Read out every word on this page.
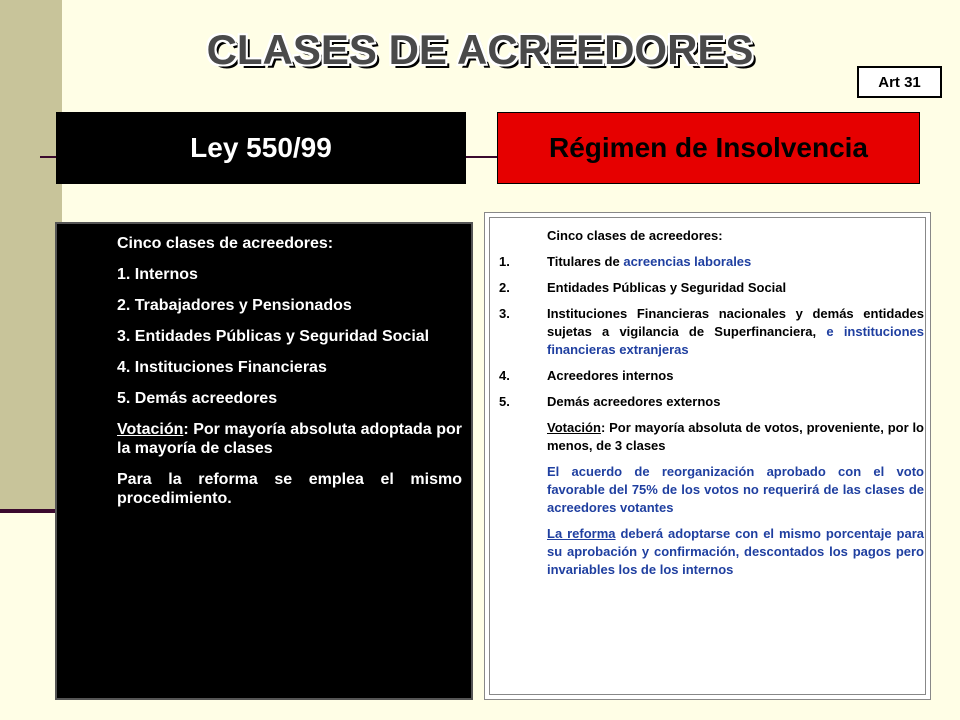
CLASES DE ACREEDORES
Art 31
Ley 550/99	Régimen de Insolvencia

Cinco clases de acreedores:

1. Internos

2. Trabajadores y Pensionados

3. Entidades Públicas y Seguridad Social

4. Instituciones Financieras

5. Demás acreedores

Votación: Por mayoría absoluta adoptada por la mayoría de clases

Para la reforma se emplea el mismo procedimiento.

Cinco clases de acreedores:
1.	Titulares de acreencias laborales
2.	Entidades Públicas y Seguridad Social
3.	Instituciones Financieras nacionales y demás entidades sujetas a vigilancia de Superfinanciera, e instituciones financieras extranjeras
4.	Acreedores internos
5.	Demás acreedores externos
Votación: Por mayoría absoluta de votos, proveniente, por lo menos, de 3 clases
El acuerdo de reorganización aprobado con el voto favorable del 75% de los votos no requerirá de las clases de acreedores votantes
La reforma deberá adoptarse con el mismo porcentaje para su aprobación y confirmación, descontados los pagos pero invariables los de los internos
